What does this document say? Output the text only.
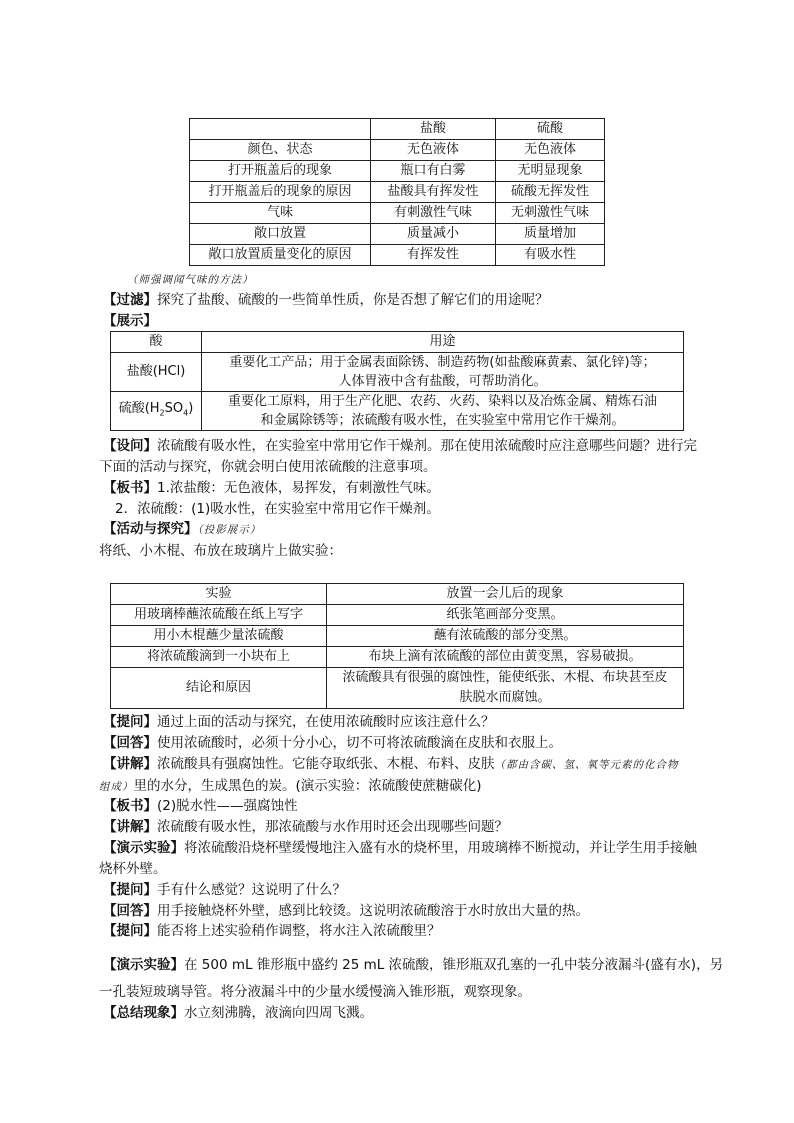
	盐酸	硫酸
颜色、状态	无色液体	无色液体
打开瓶盖后的现象	瓶口有白雾	无明显现象
打开瓶盖后的现象的原因	盐酸具有挥发性	硫酸无挥发性
气味	有刺激性气味	无刺激性气味
敞口放置	质量减小	质量增加
敞口放置质量变化的原因	有挥发性	有吸水性
（师强调闻气味的方法）
【过滤】探究了盐酸、硫酸的一些简单性质，你是否想了解它们的用途呢？
【展示】
酸	用途
盐酸(HCl)	重要化工产品；用于金属表面除锈、制造药物(如盐酸麻黄素、氯化锌)等；
人体胃液中含有盐酸，可帮助消化。

硫酸$(H_2SO_4)$	重要化工原料，用于生产化肥、农药、火药、染料以及冶炼金属、精炼石油
和金属除锈等；浓硫酸有吸水性，在实验室中常用它作干燥剂。
【设问】浓硫酸有吸水性，在实验室中常用它作干燥剂。那在使用浓硫酸时应注意哪些问题？进行完
下面的活动与探究，你就会明白使用浓硫酸的注意事项。
【板书】1.浓盐酸：无色液体，易挥发，有刺激性气味。
2．浓硫酸：(1)吸水性，在实验室中常用它作干燥剂。
【活动与探究】（投影展示）
将纸、小木棍、布放在玻璃片上做实验：
实验	放置一会儿后的现象
用玻璃棒蘸浓硫酸在纸上写字	纸张笔画部分变黑。
用小木棍蘸少量浓硫酸	蘸有浓硫酸的部分变黑。
将浓硫酸滴到一小块布上	布块上滴有浓硫酸的部位由黄变黑，容易破损。
结论和原因	浓硫酸具有很强的腐蚀性，能使纸张、木棍、布块甚至皮
肤脱水而腐蚀。
【提问】通过上面的活动与探究，在使用浓硫酸时应该注意什么？
【回答】使用浓硫酸时，必须十分小心，切不可将浓硫酸滴在皮肤和衣服上。
【讲解】浓硫酸具有强腐蚀性。它能夺取纸张、木棍、布料、皮肤（都由含碳、氢、氧等元素的化合物
组成）里的水分，生成黑色的炭。(演示实验：浓硫酸使蔗糖碳化)
【板书】(2)脱水性——强腐蚀性
【讲解】浓硫酸有吸水性，那浓硫酸与水作用时还会出现哪些问题？
【演示实验】将浓硫酸沿烧杯壁缓慢地注入盛有水的烧杯里，用玻璃棒不断搅动，并让学生用手接触
烧杯外壁。
【提问】手有什么感觉？这说明了什么？
【回答】用手接触烧杯外壁，感到比较烫。这说明浓硫酸溶于水时放出大量的热。
【提问】能否将上述实验稍作调整，将水注入浓硫酸里？
【演示实验】在 500 mL 锥形瓶中盛约 25 mL 浓硫酸，锥形瓶双孔塞的一孔中装分液漏斗(盛有水)，另
一孔装短玻璃导管。将分液漏斗中的少量水缓慢滴入锥形瓶，观察现象。
【总结现象】水立刻沸腾，液滴向四周飞溅。
